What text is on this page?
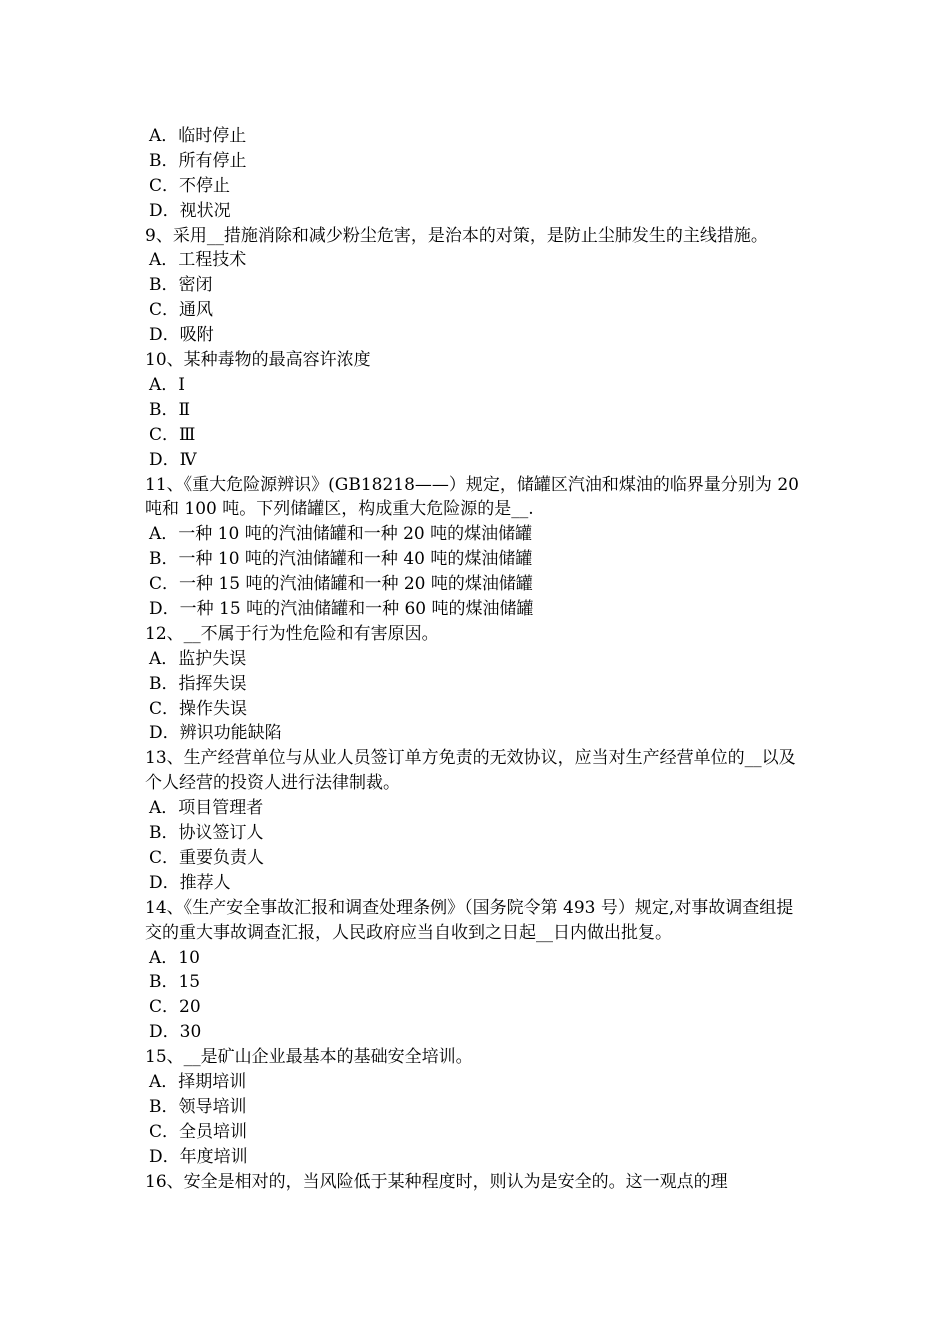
A．临时停止
B．所有停止
C．不停止
D．视状况
9、采用__措施消除和减少粉尘危害，是治本的对策，是防止尘肺发生的主线措施。
A．工程技术
B．密闭
C．通风
D．吸附
10、某种毒物的最高容许浓度
A．Ⅰ
B．Ⅱ
C．Ⅲ
D．Ⅳ
11、《重大危险源辨识》(GB18218——）规定，储罐区汽油和煤油的临界量分别为 20 吨和 100 吨。下列储罐区，构成重大危险源的是__.
A．一种 10 吨的汽油储罐和一种 20 吨的煤油储罐
B．一种 10 吨的汽油储罐和一种 40 吨的煤油储罐
C．一种 15 吨的汽油储罐和一种 20 吨的煤油储罐
D．一种 15 吨的汽油储罐和一种 60 吨的煤油储罐
12、__不属于行为性危险和有害原因。
A．监护失误
B．指挥失误
C．操作失误
D．辨识功能缺陷
13、生产经营单位与从业人员签订单方免责的无效协议，应当对生产经营单位的__以及个人经营的投资人进行法律制裁。
A．项目管理者
B．协议签订人
C．重要负责人
D．推荐人
14、《生产安全事故汇报和调查处理条例》（国务院令第 493 号）规定,对事故调查组提交的重大事故调查汇报，人民政府应当自收到之日起__日内做出批复。
A．10
B．15
C．20
D．30
15、__是矿山企业最基本的基础安全培训。
A．择期培训
B．领导培训
C．全员培训
D．年度培训
16、安全是相对的，当风险低于某种程度时，则认为是安全的。这一观点的理
